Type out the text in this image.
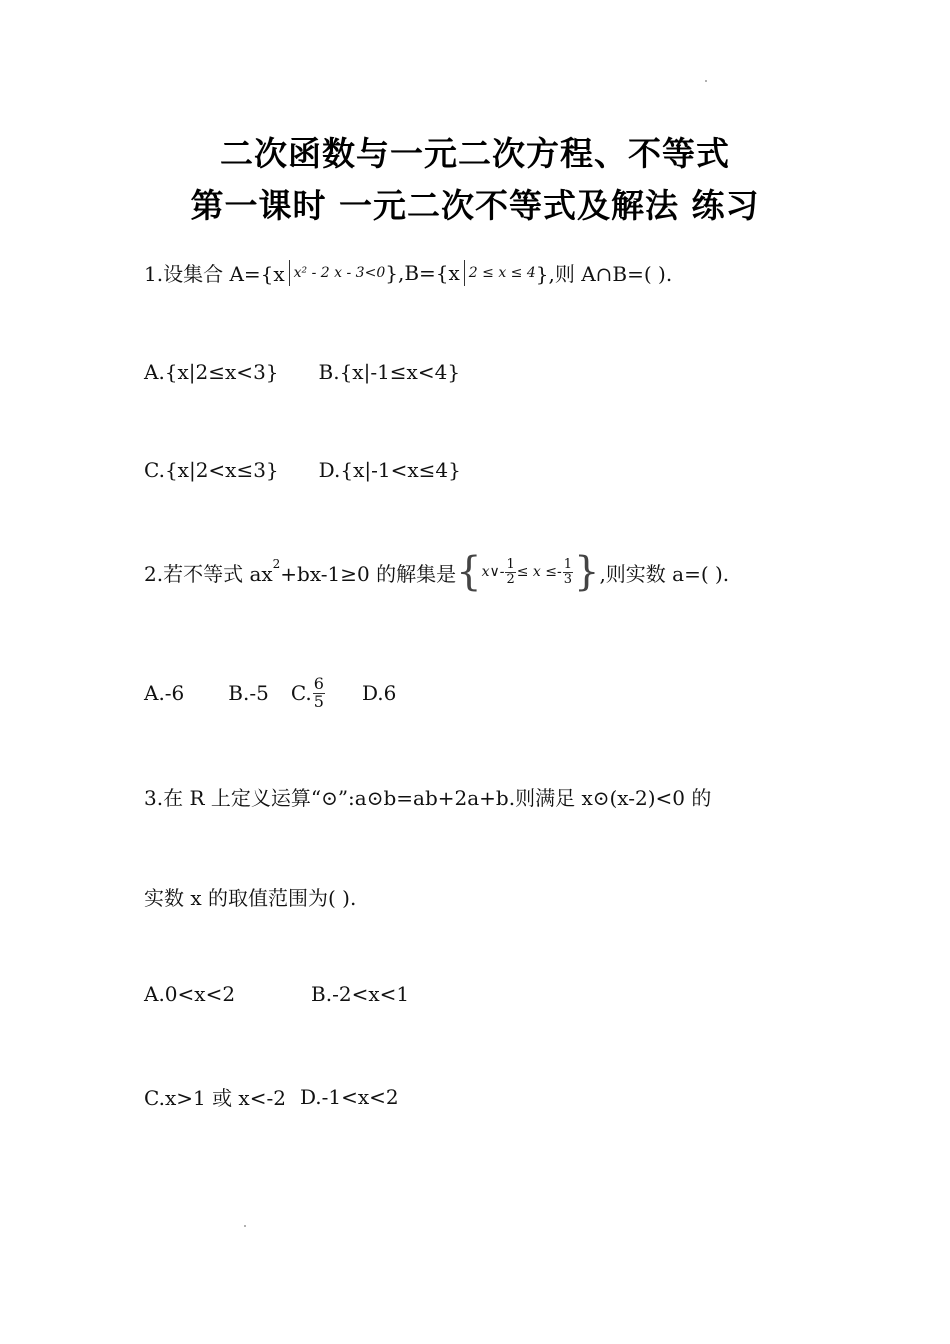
二次函数与一元二次方程、不等式
第一课时 一元二次不等式及解法 练习
1.设集合 A={x x² - 2 x - 3<0 },B={x 2 ≤ x ≤ 4 },则 A∩B=( ).
A.{x|2≤x<3} B.{x|-1≤x<4}
C.{x|2<x≤3} D.{x|-1<x≤4}
2.若不等式 ax 2 +bx-1≥0 的解集是 { x∨- $\frac{1}{2} \le x \le- \frac{1}{3}$ } ,则实数 a=( ).
A.-6 B.-5 C. $\frac{6}{5} D.6$
3.在 R 上定义运算“⊙”:a⊙b=ab+2a+b.则满足 x⊙(x-2)<0 的
实数 x 的取值范围为( ).
A.0<x<2	B.-2<x<1
C.x>1 或 x<-2 D.-1<x<2
